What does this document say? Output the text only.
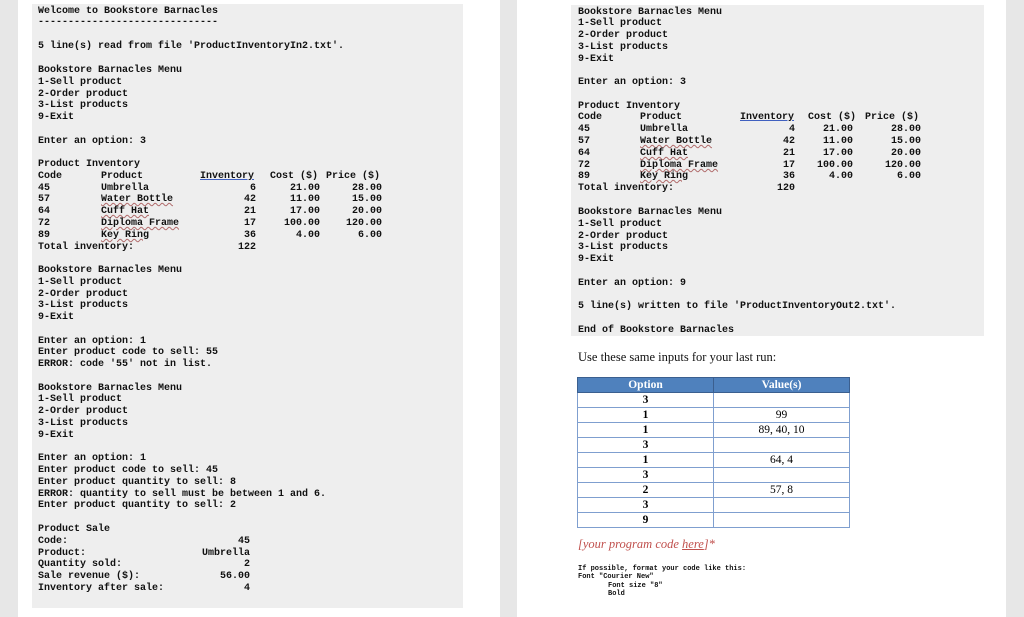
Welcome to Bookstore Barnacles
------------------------------
5 line(s) read from file 'ProductInventoryIn2.txt'.
Bookstore Barnacles Menu
1-Sell product
2-Order product
3-List products
9-Exit
Enter an option: 3
Product Inventory
Code	Product	Inventory Cost ($) Price ($)
45	Umbrella	6	21.00	28.00
57	Water Bottle	42	11.00	15.00
64	Cuff Hat	21	17.00	20.00
72	Diploma Frame	17	100.00	120.00
89	Key Ring	36	4.00	6.00
Total inventory:	122
Bookstore Barnacles Menu
1-Sell product
2-Order product
3-List products
9-Exit
Enter an option: 1
Enter product code to sell: 55
ERROR: code '55' not in list.
Bookstore Barnacles Menu
1-Sell product
2-Order product
3-List products
9-Exit
Enter an option: 1
Enter product code to sell: 45
Enter product quantity to sell: 8
ERROR: quantity to sell must be between 1 and 6.
Enter product quantity to sell: 2
Product Sale
Code:	45
Product:	Umbrella
Quantity sold:	2
Sale revenue ($):	56.00
Inventory after sale:	4
Bookstore Barnacles Menu
1-Sell product
2-Order product
3-List products
9-Exit
Enter an option: 3
Product Inventory
Code	Product	Inventory Cost ($) Price ($)
45	Umbrella	4	21.00	28.00
57	Water Bottle	42	11.00	15.00
64	Cuff Hat	21	17.00	20.00
72	Diploma Frame	17	100.00	120.00
89	Key Ring	36	4.00	6.00
Total inventory:	120
Bookstore Barnacles Menu
1-Sell product
2-Order product
3-List products
9-Exit
Enter an option: 9
5 line(s) written to file 'ProductInventoryOut2.txt'.
End of Bookstore Barnacles
Use these same inputs for your last run:
Option	Value(s)
3	
1	99
1	89, 40, 10
3	
1	64, 4
3	
2	57, 8
3	
9	
[your program code here]*
If possible, format your code like this:
Font "Courier New"
Font size "8"
Bold
